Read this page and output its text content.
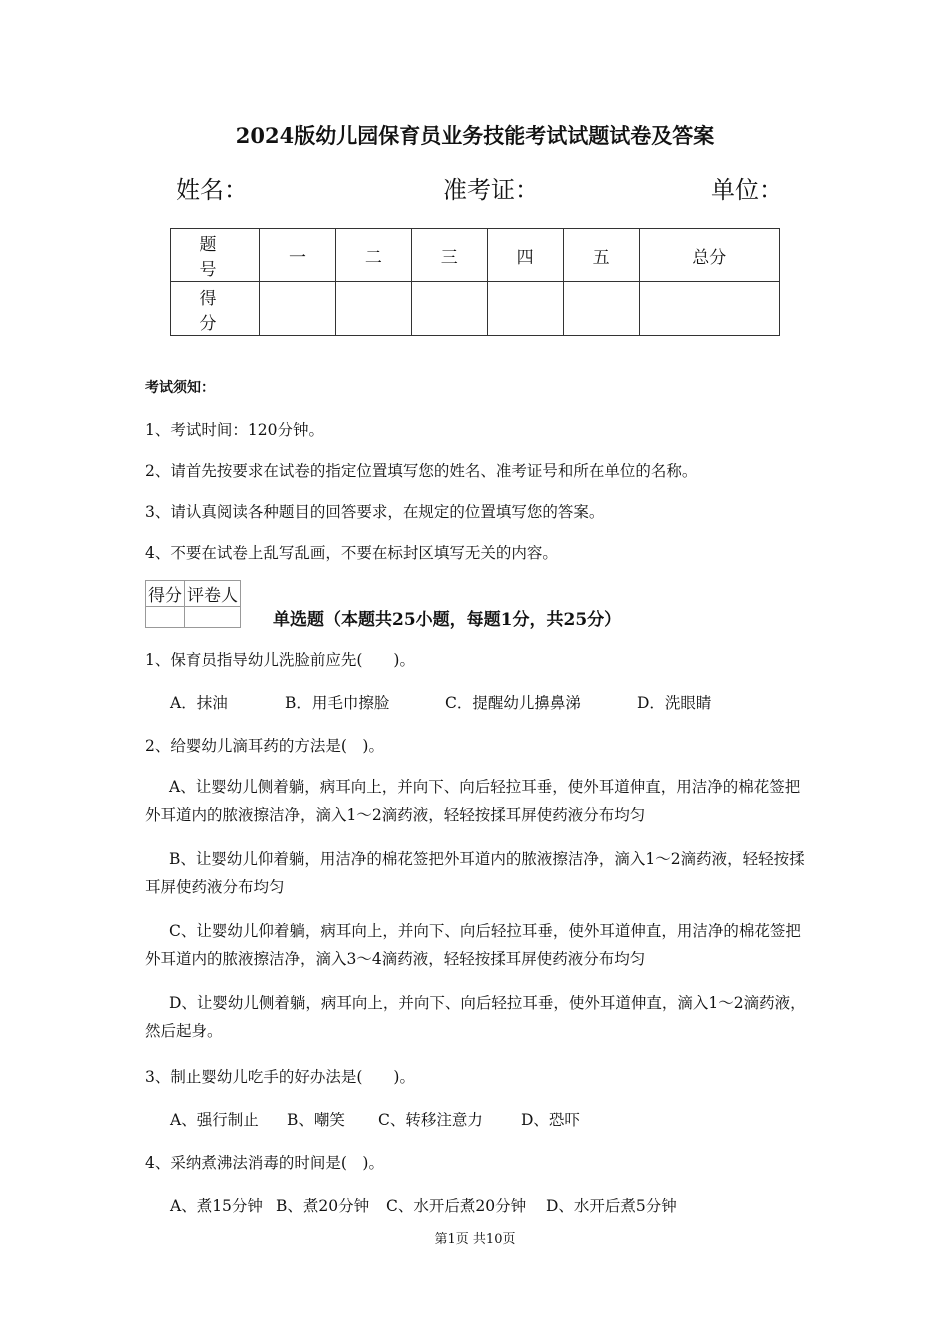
2024版幼儿园保育员业务技能考试试题试卷及答案
姓名：	准考证：	单位：
题　号	一	二	三	四	五	总分
得　分						
考试须知：
1、考试时间：120分钟。
2、请首先按要求在试卷的指定位置填写您的姓名、准考证号和所在单位的名称。
3、请认真阅读各种题目的回答要求，在规定的位置填写您的答案。
4、不要在试卷上乱写乱画，不要在标封区填写无关的内容。
得分	评卷人

单选题（本题共25小题，每题1分，共25分）
1、保育员指导幼儿洗脸前应先(　　)。
A．抹油	B．用毛巾擦脸	C．提醒幼儿擤鼻涕	D．洗眼睛
2、给婴幼儿滴耳药的方法是(　)。
A、让婴幼儿侧着躺，病耳向上，并向下、向后轻拉耳垂，使外耳道伸直，用洁净的棉花签把外耳道内的脓液擦洁净，滴入1～2滴药液，轻轻按揉耳屏使药液分布均匀
B、让婴幼儿仰着躺，用洁净的棉花签把外耳道内的脓液擦洁净，滴入1～2滴药液，轻轻按揉耳屏使药液分布均匀
C、让婴幼儿仰着躺，病耳向上，并向下、向后轻拉耳垂，使外耳道伸直，用洁净的棉花签把外耳道内的脓液擦洁净，滴入3～4滴药液，轻轻按揉耳屏使药液分布均匀
D、让婴幼儿侧着躺，病耳向上，并向下、向后轻拉耳垂，使外耳道伸直，滴入1～2滴药液，然后起身。
3、制止婴幼儿吃手的好办法是(　　)。
A、强行制止 B、嘲笑 C、转移注意力 D、恐吓
4、采纳煮沸法消毒的时间是(　)。
A、煮15分钟 B、煮20分钟 C、水开后煮20分钟 D、水开后煮5分钟
第1页 共10页
